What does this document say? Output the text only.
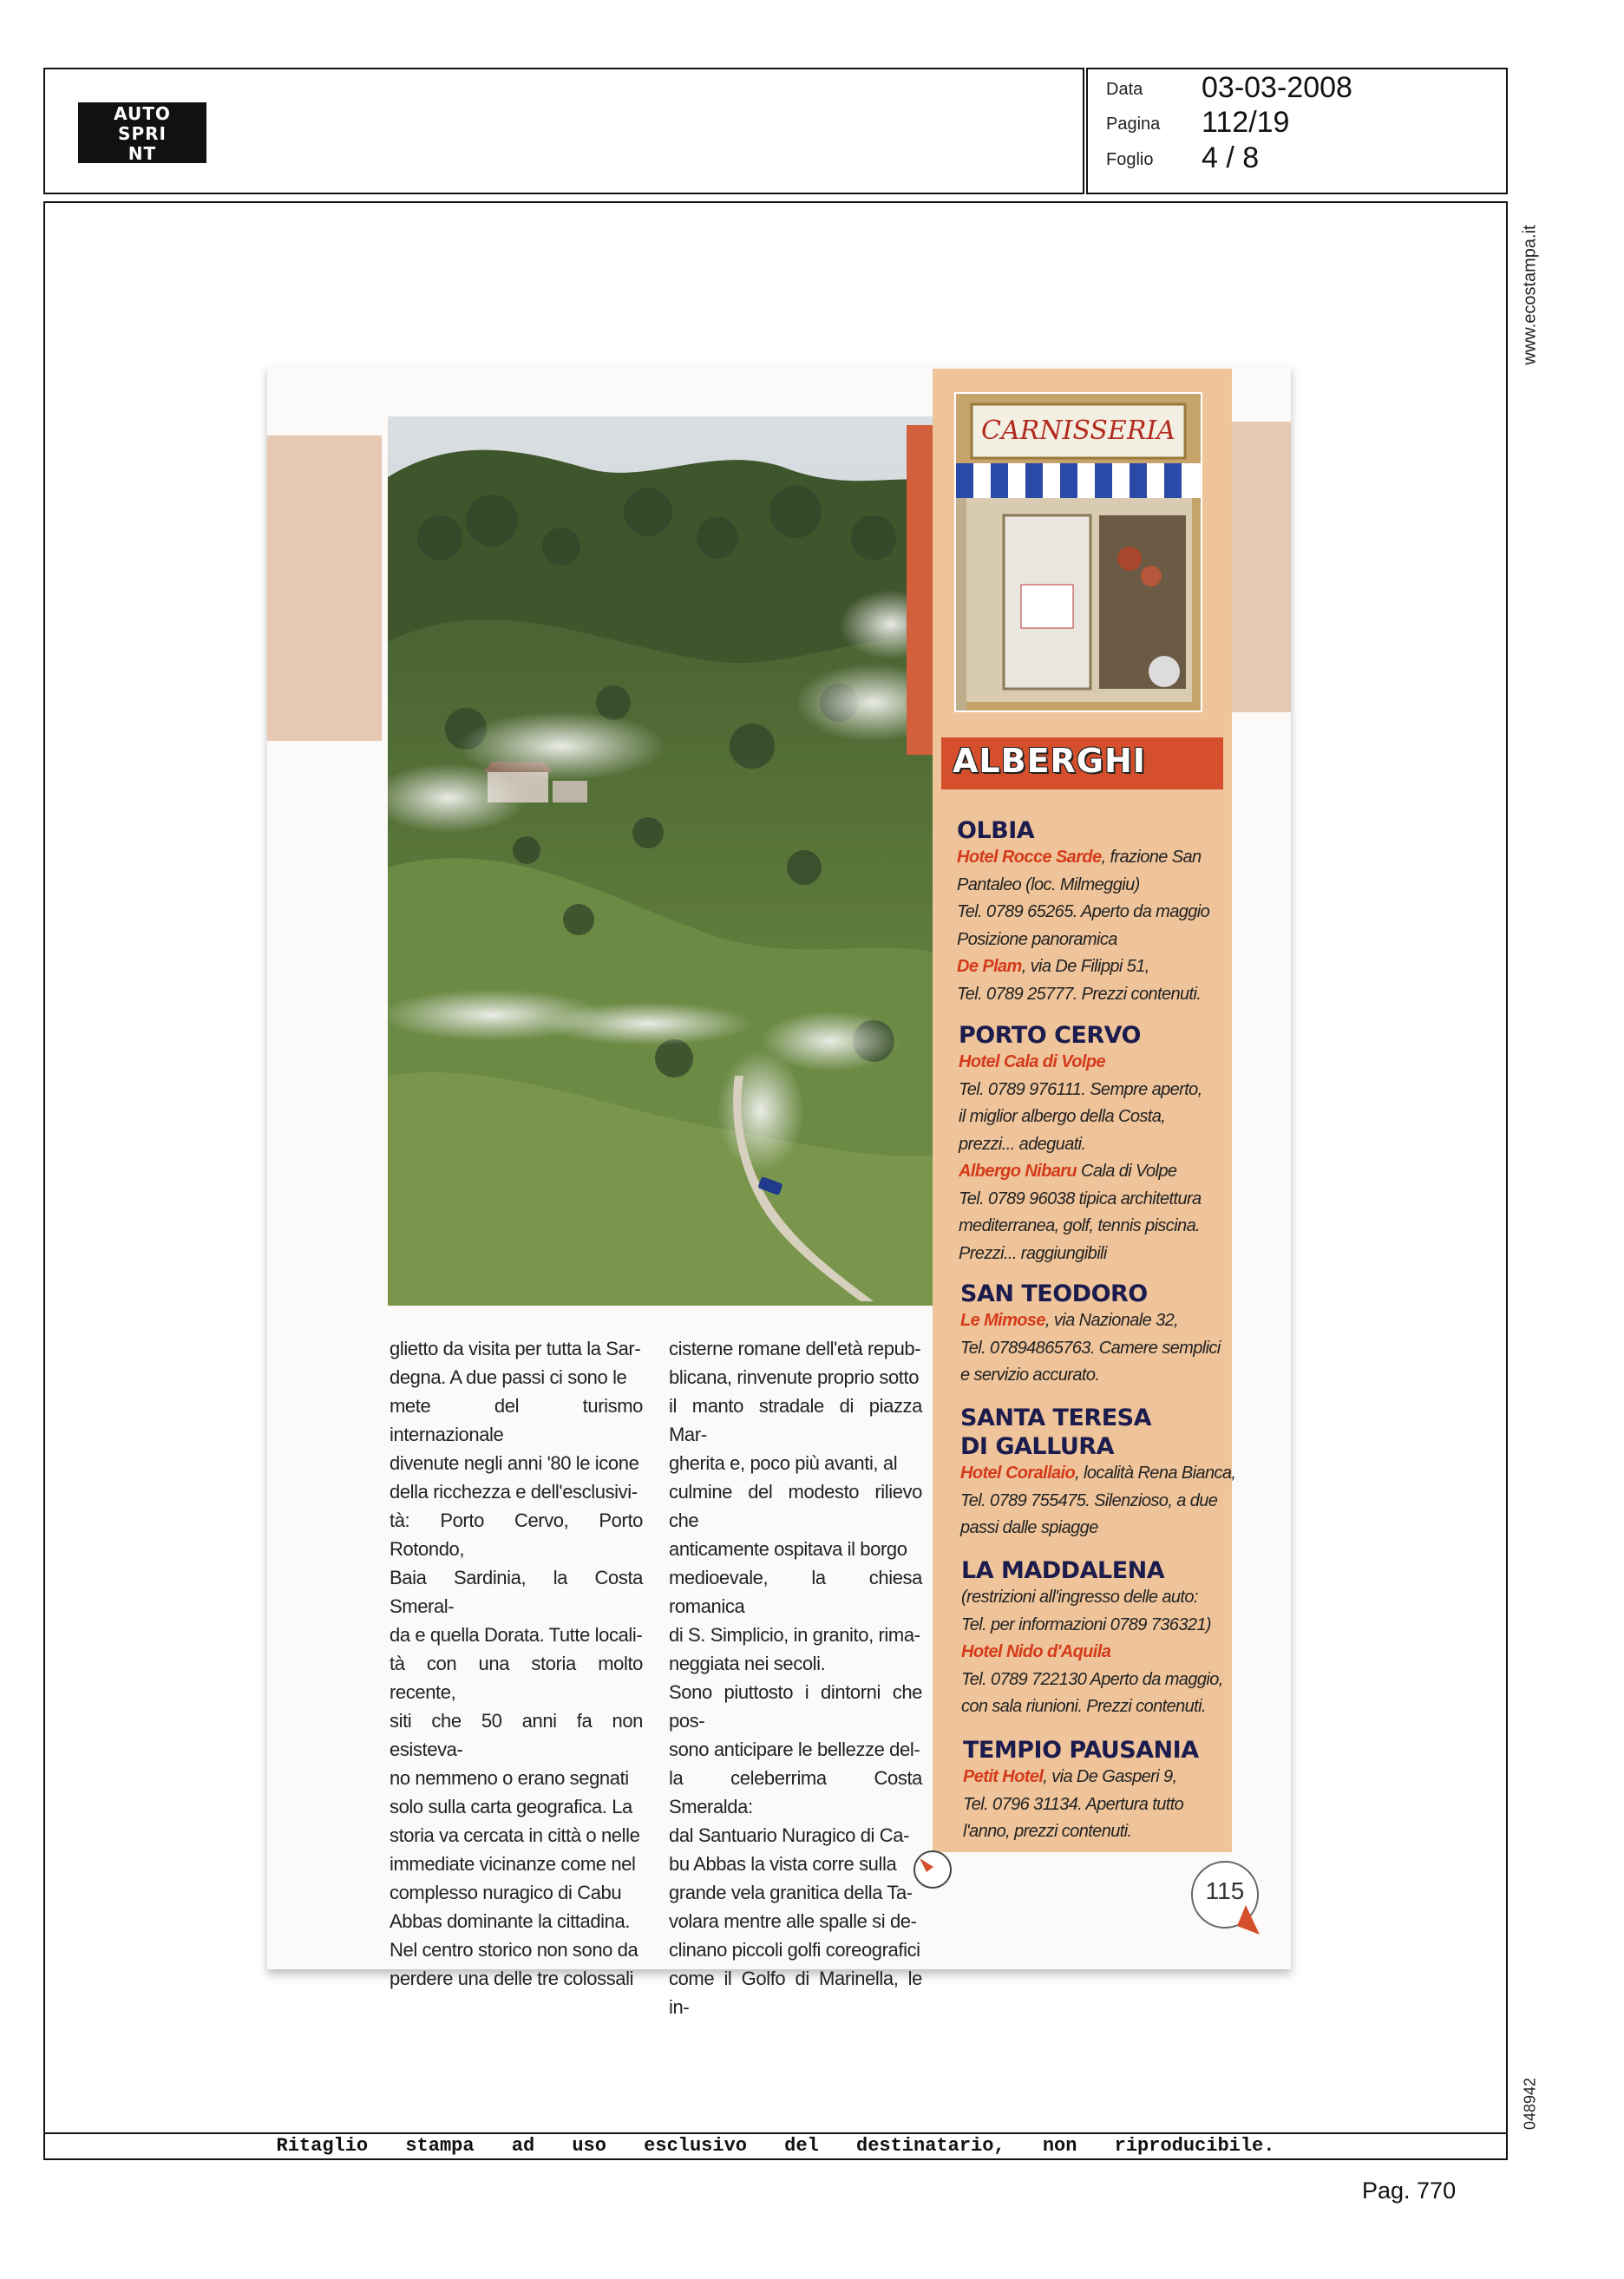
AUTO
SPRI
NT
Data 03-03-2008
Pagina 112/19
Foglio 4 / 8
Ritaglio stampa ad uso esclusivo del destinatario, non riproducibile.
www.ecostampa.it
048942
Pag. 770
CARNISSERIA
ALBERGHI
OLBIA
Hotel Rocce Sarde, frazione San
Pantaleo (loc. Milmeggiu)
Tel. 0789 65265. Aperto da maggio
Posizione panoramica
De Plam, via De Filippi 51,
Tel. 0789 25777. Prezzi contenuti.
PORTO CERVO
Hotel Cala di Volpe
Tel. 0789 976111. Sempre aperto,
il miglior albergo della Costa,
prezzi... adeguati.
Albergo Nibaru Cala di Volpe
Tel. 0789 96038 tipica architettura
mediterranea, golf, tennis piscina.
Prezzi... raggiungibili
SAN TEODORO
Le Mimose, via Nazionale 32,
Tel. 07894865763. Camere semplici
e servizio accurato.
SANTA TERESA
DI GALLURA
Hotel Corallaio, località Rena Bianca,
Tel. 0789 755475. Silenzioso, a due
passi dalle spiagge
LA MADDALENA
(restrizioni all'ingresso delle auto:
Tel. per informazioni 0789 736321)
Hotel Nido d'Aquila
Tel. 0789 722130 Aperto da maggio,
con sala riunioni. Prezzi contenuti.
TEMPIO PAUSANIA
Petit Hotel, via De Gasperi 9,
Tel. 0796 31134. Apertura tutto
l'anno, prezzi contenuti.
glietto da visita per tutta la Sar-
degna. A due passi ci sono le
mete del turismo internazionale
divenute negli anni '80 le icone
della ricchezza e dell'esclusivi-
tà: Porto Cervo, Porto Rotondo,
Baia Sardinia, la Costa Smeral-
da e quella Dorata. Tutte locali-
tà con una storia molto recente,
siti che 50 anni fa non esisteva-
no nemmeno o erano segnati
solo sulla carta geografica. La
storia va cercata in città o nelle
immediate vicinanze come nel
complesso nuragico di Cabu
Abbas dominante la cittadina.
Nel centro storico non sono da
perdere una delle tre colossali
cisterne romane dell'età repub-
blicana, rinvenute proprio sotto
il manto stradale di piazza Mar-
gherita e, poco più avanti, al
culmine del modesto rilievo che
anticamente ospitava il borgo
medioevale, la chiesa romanica
di S. Simplicio, in granito, rima-
neggiata nei secoli.
Sono piuttosto i dintorni che pos-
sono anticipare le bellezze del-
la celeberrima Costa Smeralda:
dal Santuario Nuragico di Ca-
bu Abbas la vista corre sulla
grande vela granitica della Ta-
volara mentre alle spalle si de-
clinano piccoli golfi coreografici
come il Golfo di Marinella, le in-
115
